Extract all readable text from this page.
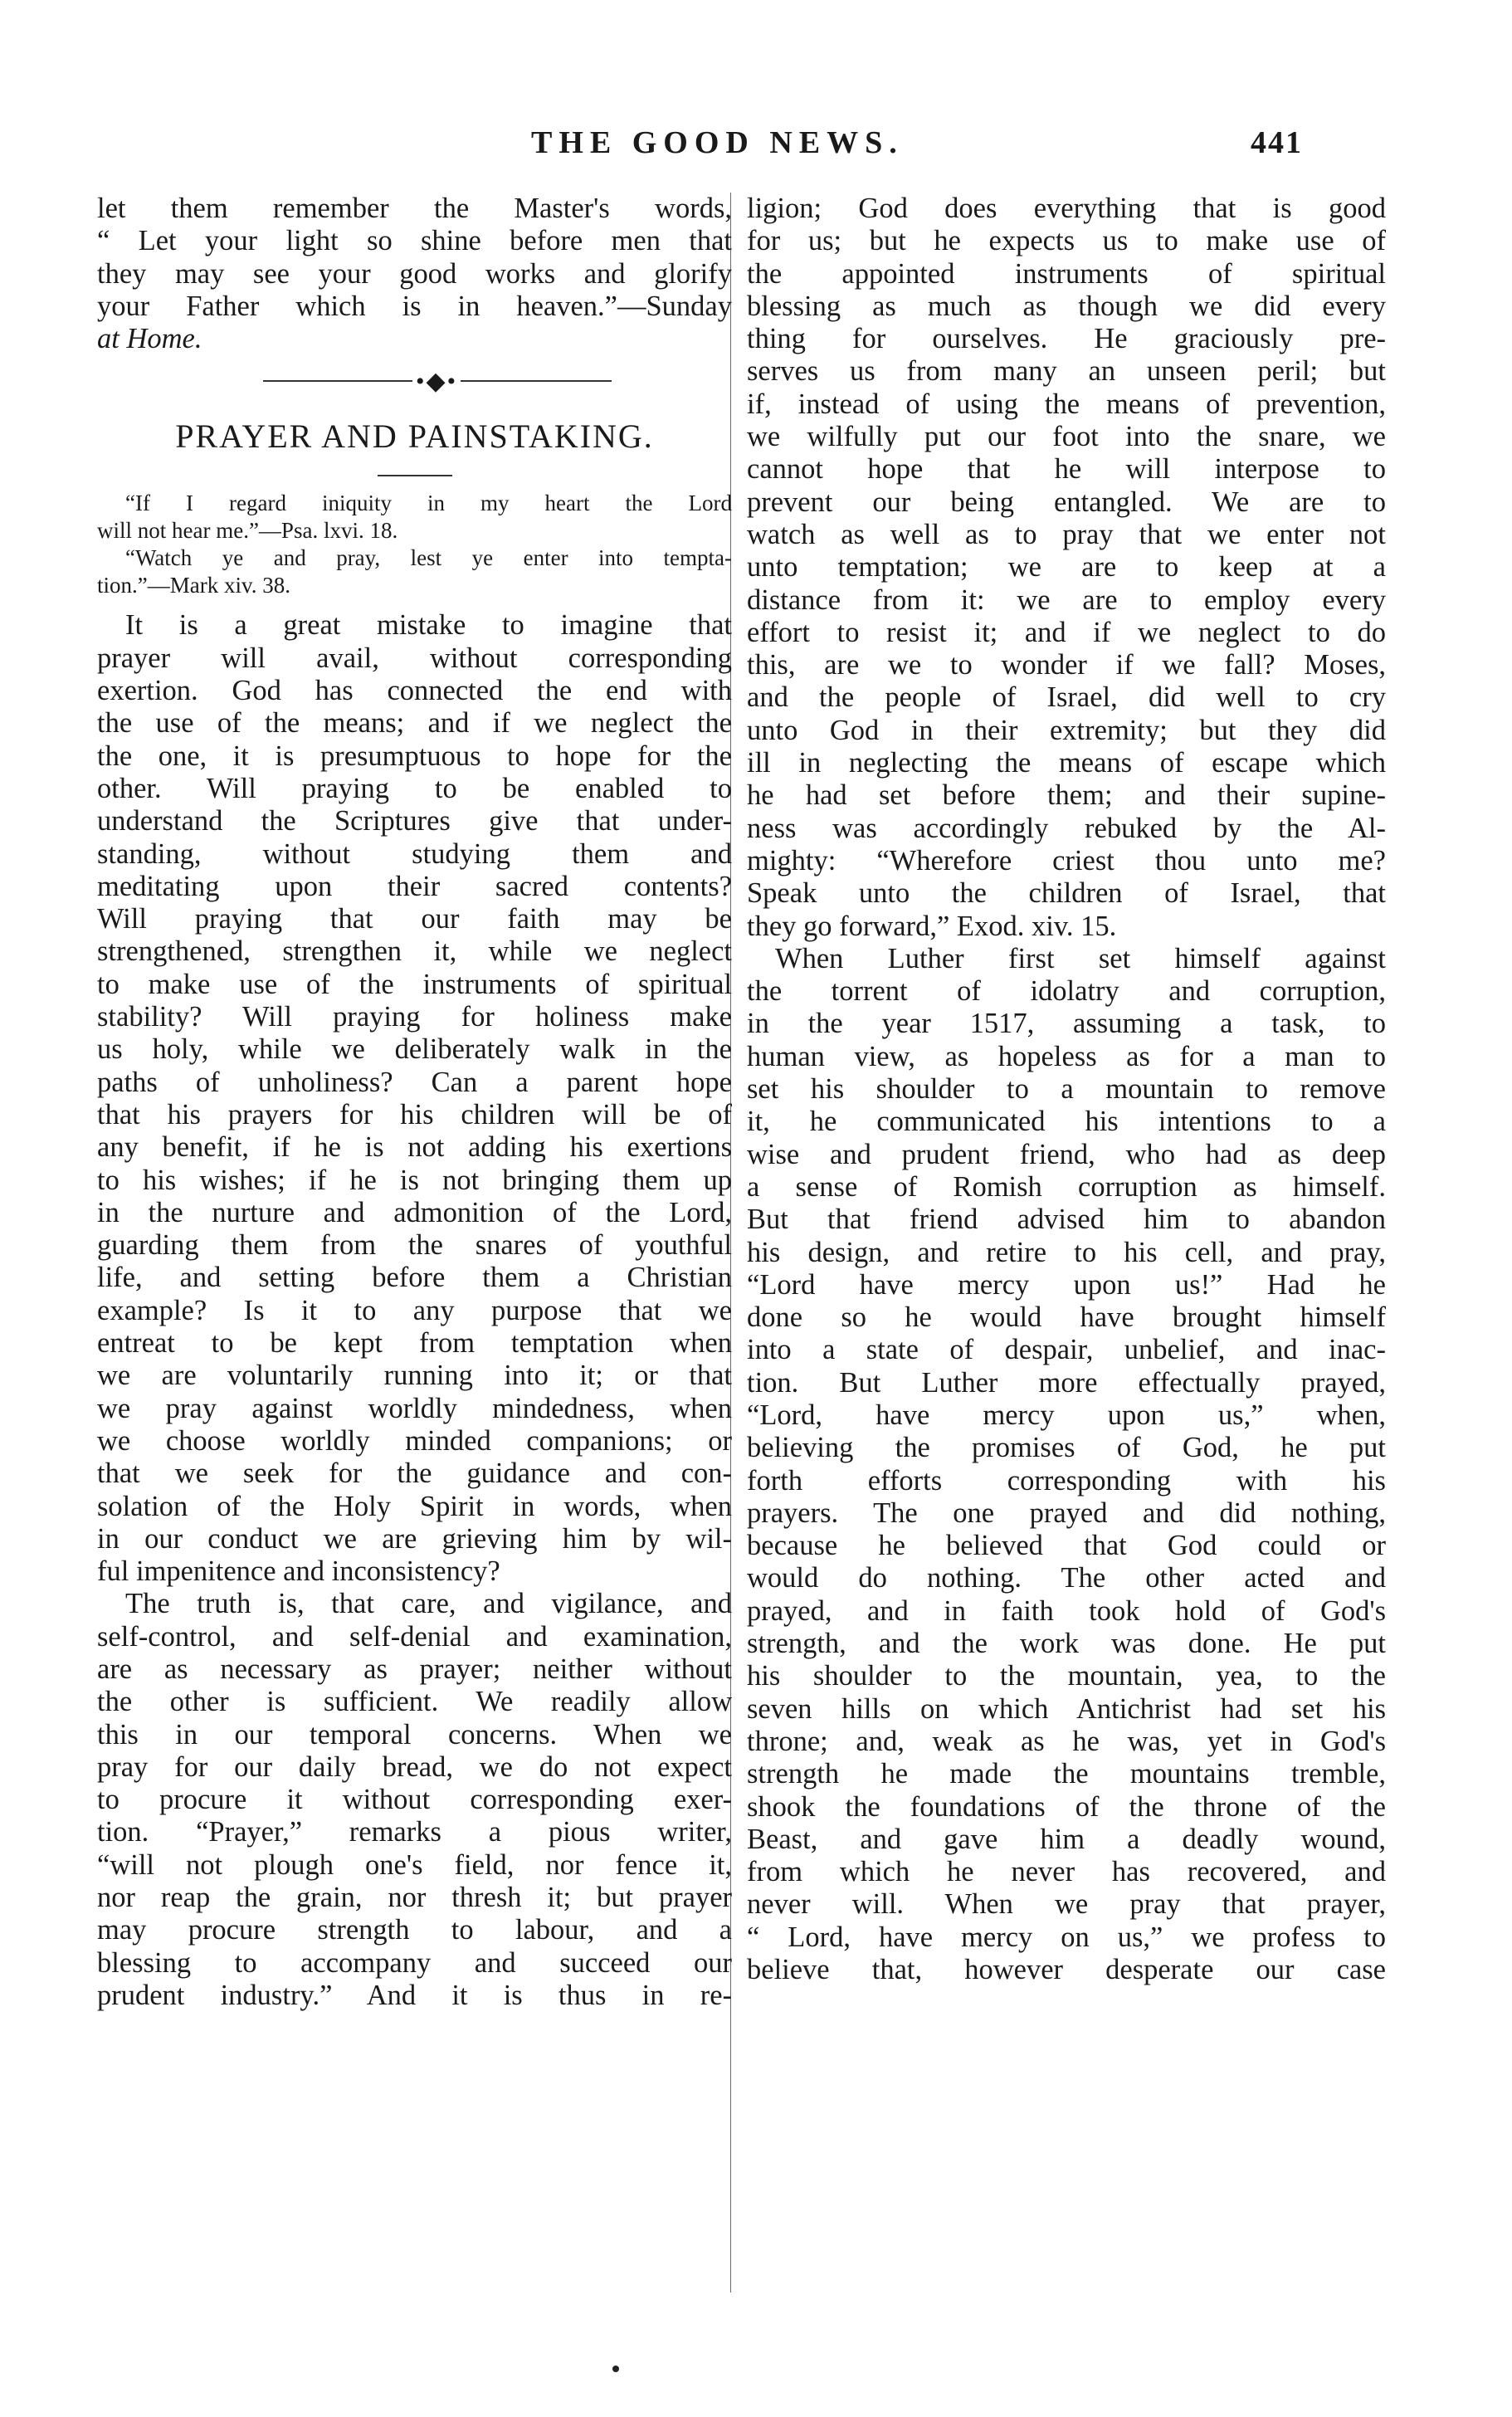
THE GOOD NEWS.	441
let them remember the Master's words,
“ Let your light so shine before men that
they may see your good works and glorify
your Father which is in heaven.”—Sunday
at Home.
•◆•
PRAYER AND PAINSTAKING.
“If I regard iniquity in my heart the Lord
will not hear me.”—Psa. lxvi. 18.
“Watch ye and pray, lest ye enter into tempta-
tion.”—Mark xiv. 38.
It is a great mistake to imagine that
prayer will avail, without corresponding
exertion. God has connected the end with
the use of the means; and if we neglect the
the one, it is presumptuous to hope for the
other. Will praying to be enabled to
understand the Scriptures give that under-
standing, without studying them and
meditating upon their sacred contents?
Will praying that our faith may be
strengthened, strengthen it, while we neglect
to make use of the instruments of spiritual
stability? Will praying for holiness make
us holy, while we deliberately walk in the
paths of unholiness? Can a parent hope
that his prayers for his children will be of
any benefit, if he is not adding his exertions
to his wishes; if he is not bringing them up
in the nurture and admonition of the Lord,
guarding them from the snares of youthful
life, and setting before them a Christian
example? Is it to any purpose that we
entreat to be kept from temptation when
we are voluntarily running into it; or that
we pray against worldly mindedness, when
we choose worldly minded companions; or
that we seek for the guidance and con-
solation of the Holy Spirit in words, when
in our conduct we are grieving him by wil-
ful impenitence and inconsistency?
The truth is, that care, and vigilance, and
self-control, and self-denial and examination,
are as necessary as prayer; neither without
the other is sufficient. We readily allow
this in our temporal concerns. When we
pray for our daily bread, we do not expect
to procure it without corresponding exer-
tion. “Prayer,” remarks a pious writer,
“will not plough one's field, nor fence it,
nor reap the grain, nor thresh it; but prayer
may procure strength to labour, and a
blessing to accompany and succeed our
prudent industry.” And it is thus in re-
ligion; God does everything that is good
for us; but he expects us to make use of
the appointed instruments of spiritual
blessing as much as though we did every
thing for ourselves. He graciously pre-
serves us from many an unseen peril; but
if, instead of using the means of prevention,
we wilfully put our foot into the snare, we
cannot hope that he will interpose to
prevent our being entangled. We are to
watch as well as to pray that we enter not
unto temptation; we are to keep at a
distance from it: we are to employ every
effort to resist it; and if we neglect to do
this, are we to wonder if we fall? Moses,
and the people of Israel, did well to cry
unto God in their extremity; but they did
ill in neglecting the means of escape which
he had set before them; and their supine-
ness was accordingly rebuked by the Al-
mighty: “Wherefore criest thou unto me?
Speak unto the children of Israel, that
they go forward,” Exod. xiv. 15.
When Luther first set himself against
the torrent of idolatry and corruption,
in the year 1517, assuming a task, to
human view, as hopeless as for a man to
set his shoulder to a mountain to remove
it, he communicated his intentions to a
wise and prudent friend, who had as deep
a sense of Romish corruption as himself.
But that friend advised him to abandon
his design, and retire to his cell, and pray,
“Lord have mercy upon us!” Had he
done so he would have brought himself
into a state of despair, unbelief, and inac-
tion. But Luther more effectually prayed,
“Lord, have mercy upon us,” when,
believing the promises of God, he put
forth efforts corresponding with his
prayers. The one prayed and did nothing,
because he believed that God could or
would do nothing. The other acted and
prayed, and in faith took hold of God's
strength, and the work was done. He put
his shoulder to the mountain, yea, to the
seven hills on which Antichrist had set his
throne; and, weak as he was, yet in God's
strength he made the mountains tremble,
shook the foundations of the throne of the
Beast, and gave him a deadly wound,
from which he never has recovered, and
never will. When we pray that prayer,
“ Lord, have mercy on us,” we profess to
believe that, however desperate our case
